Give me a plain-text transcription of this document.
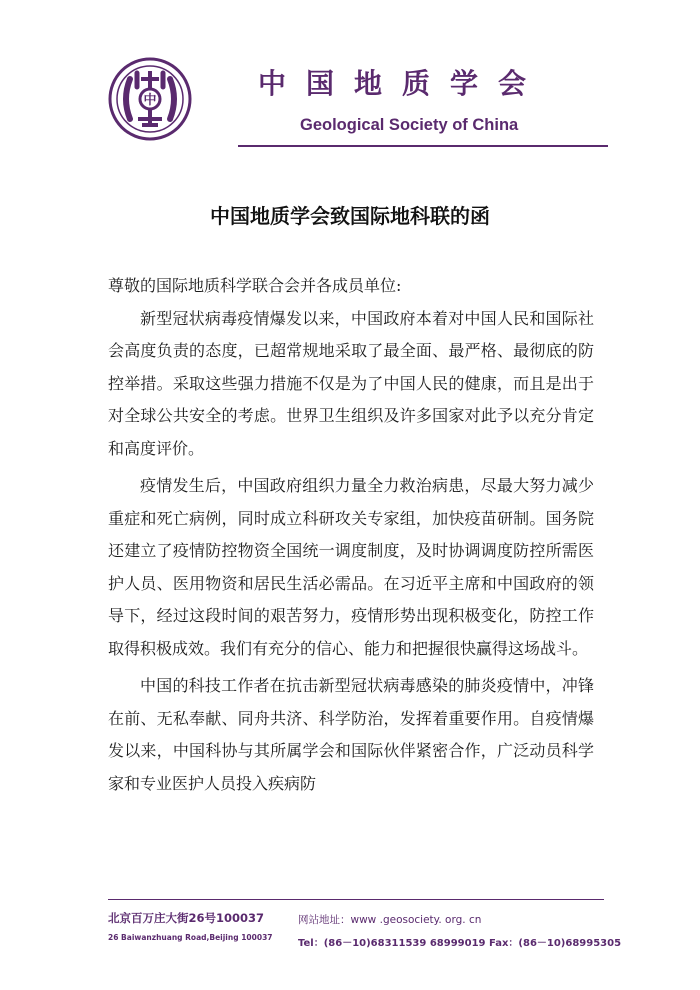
中
中国地质学会
Geological Society of China
中国地质学会致国际地科联的函

尊敬的国际地质科学联合会并各成员单位:

新型冠状病毒疫情爆发以来，中国政府本着对中国人民和国际社会高度负责的态度，已超常规地采取了最全面、最严格、最彻底的防控举措。采取这些强力措施不仅是为了中国人民的健康，而且是出于对全球公共安全的考虑。世界卫生组织及许多国家对此予以充分肯定和高度评价。

疫情发生后，中国政府组织力量全力救治病患，尽最大努力减少重症和死亡病例，同时成立科研攻关专家组，加快疫苗研制。国务院还建立了疫情防控物资全国统一调度制度，及时协调调度防控所需医护人员、医用物资和居民生活必需品。在习近平主席和中国政府的领导下，经过这段时间的艰苦努力，疫情形势出现积极变化，防控工作取得积极成效。我们有充分的信心、能力和把握很快赢得这场战斗。

中国的科技工作者在抗击新型冠状病毒感染的肺炎疫情中，冲锋在前、无私奉献、同舟共济、科学防治，发挥着重要作用。自疫情爆发以来，中国科协与其所属学会和国际伙伴紧密合作，广泛动员科学家和专业医护人员投入疾病防

北京百万庄大街26号100037
26 Baiwanzhuang Road,Beijing 100037
网站地址：www .geosociety. org. cn
Tel：(86－10)68311539 68999019 Fax：(86－10)68995305
